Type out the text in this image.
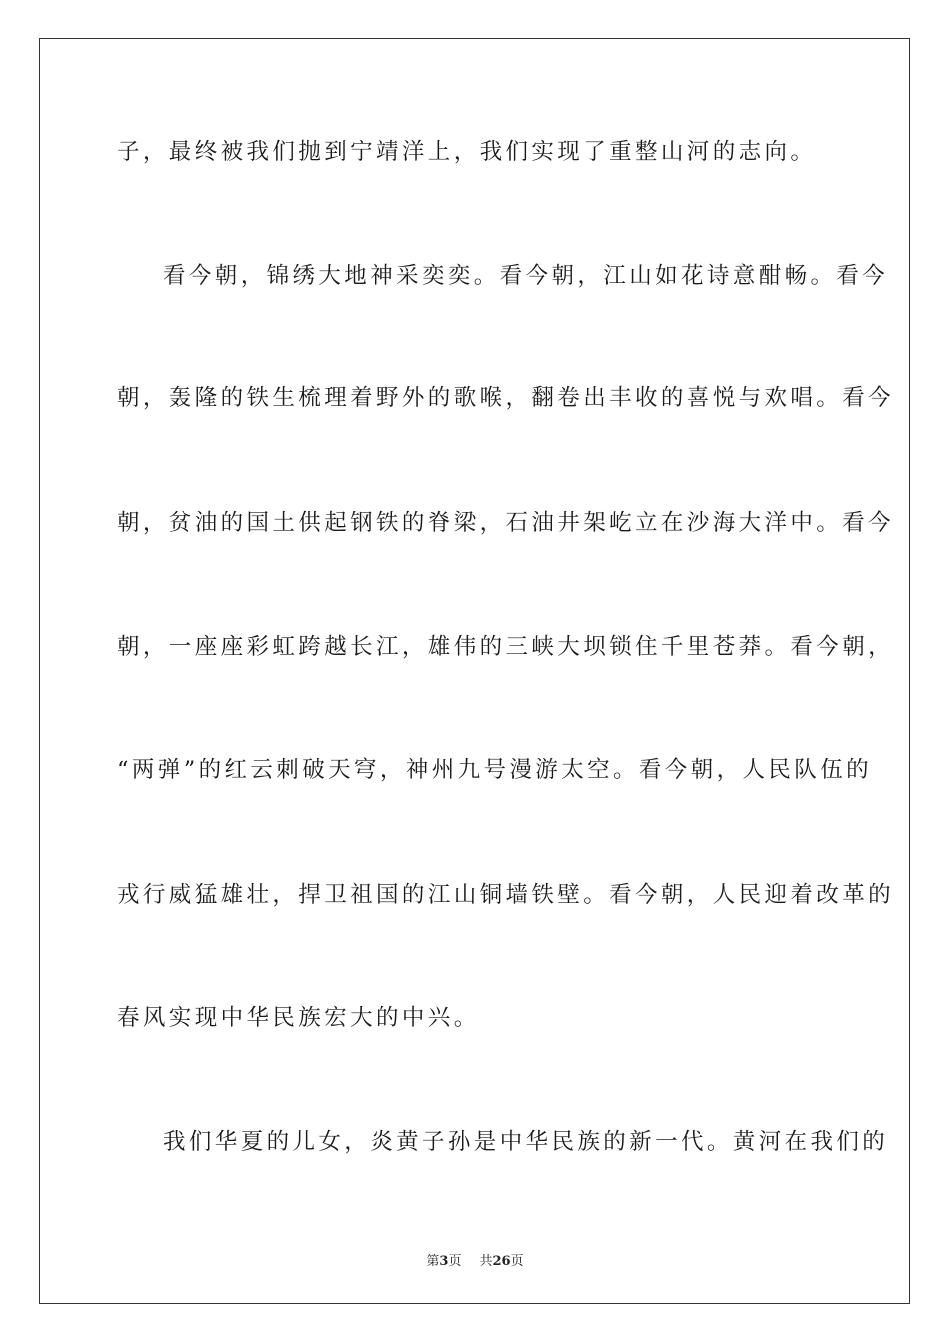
子，最终被我们抛到宁靖洋上，我们实现了重整山河的志向。
看今朝，锦绣大地神采奕奕。看今朝，江山如花诗意酣畅。看今
朝，轰隆的铁生梳理着野外的歌喉，翻卷出丰收的喜悦与欢唱。看今
朝，贫油的国土供起钢铁的脊梁，石油井架屹立在沙海大洋中。看今
朝，一座座彩虹跨越长江，雄伟的三峡大坝锁住千里苍莽。看今朝，
“两弹”的红云刺破天穹，神州九号漫游太空。看今朝，人民队伍的
戎行威猛雄壮，捍卫祖国的江山铜墙铁壁。看今朝，人民迎着改革的
春风实现中华民族宏大的中兴。
我们华夏的儿女，炎黄子孙是中华民族的新一代。黄河在我们的
第3页 共26页
